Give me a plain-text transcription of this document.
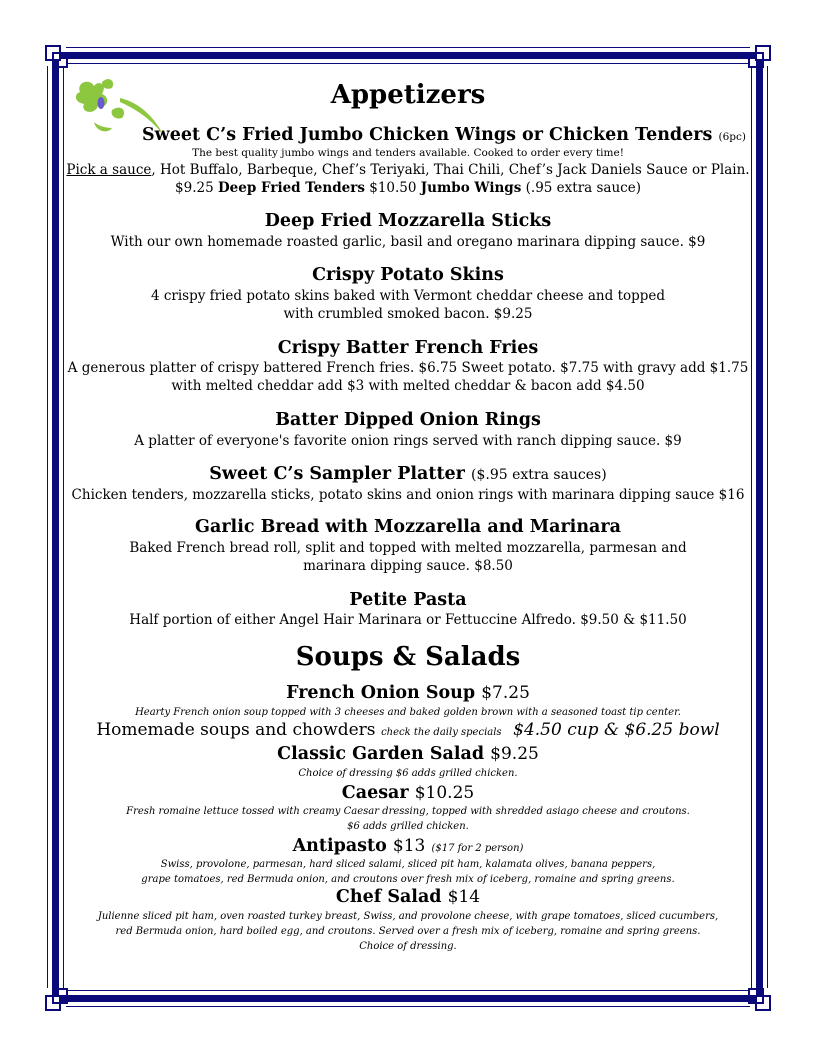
Appetizers
Sweet C’s Fried Jumbo Chicken Wings or Chicken Tenders (6pc)
The best quality jumbo wings and tenders available. Cooked to order every time!
Pick a sauce, Hot Buffalo, Barbeque, Chef’s Teriyaki, Thai Chili, Chef’s Jack Daniels Sauce or Plain.
$9.25 Deep Fried Tenders $10.50 Jumbo Wings (.95 extra sauce)
Deep Fried Mozzarella Sticks
With our own homemade roasted garlic, basil and oregano marinara dipping sauce. $9
Crispy Potato Skins
4 crispy fried potato skins baked with Vermont cheddar cheese and topped
with crumbled smoked bacon. $9.25
Crispy Batter French Fries
A generous platter of crispy battered French fries. $6.75 Sweet potato. $7.75 with gravy add $1.75
with melted cheddar add $3 with melted cheddar & bacon add $4.50
Batter Dipped Onion Rings
A platter of everyone's favorite onion rings served with ranch dipping sauce. $9
Sweet C’s Sampler Platter ($.95 extra sauces)
Chicken tenders, mozzarella sticks, potato skins and onion rings with marinara dipping sauce $16
Garlic Bread with Mozzarella and Marinara
Baked French bread roll, split and topped with melted mozzarella, parmesan and
marinara dipping sauce. $8.50
Petite Pasta
Half portion of either Angel Hair Marinara or Fettuccine Alfredo. $9.50 & $11.50
Soups & Salads
French Onion Soup $7.25
Hearty French onion soup topped with 3 cheeses and baked golden brown with a seasoned toast tip center.
Homemade soups and chowders check the daily specials $4.50 cup & $6.25 bowl
Classic Garden Salad $9.25
Choice of dressing $6 adds grilled chicken.
Caesar $10.25
Fresh romaine lettuce tossed with creamy Caesar dressing, topped with shredded asiago cheese and croutons.
$6 adds grilled chicken.
Antipasto $13 ($17 for 2 person)
Swiss, provolone, parmesan, hard sliced salami, sliced pit ham, kalamata olives, banana peppers,
grape tomatoes, red Bermuda onion, and croutons over fresh mix of iceberg, romaine and spring greens.
Chef Salad $14
Julienne sliced pit ham, oven roasted turkey breast, Swiss, and provolone cheese, with grape tomatoes, sliced cucumbers,
red Bermuda onion, hard boiled egg, and croutons. Served over a fresh mix of iceberg, romaine and spring greens.
Choice of dressing.
